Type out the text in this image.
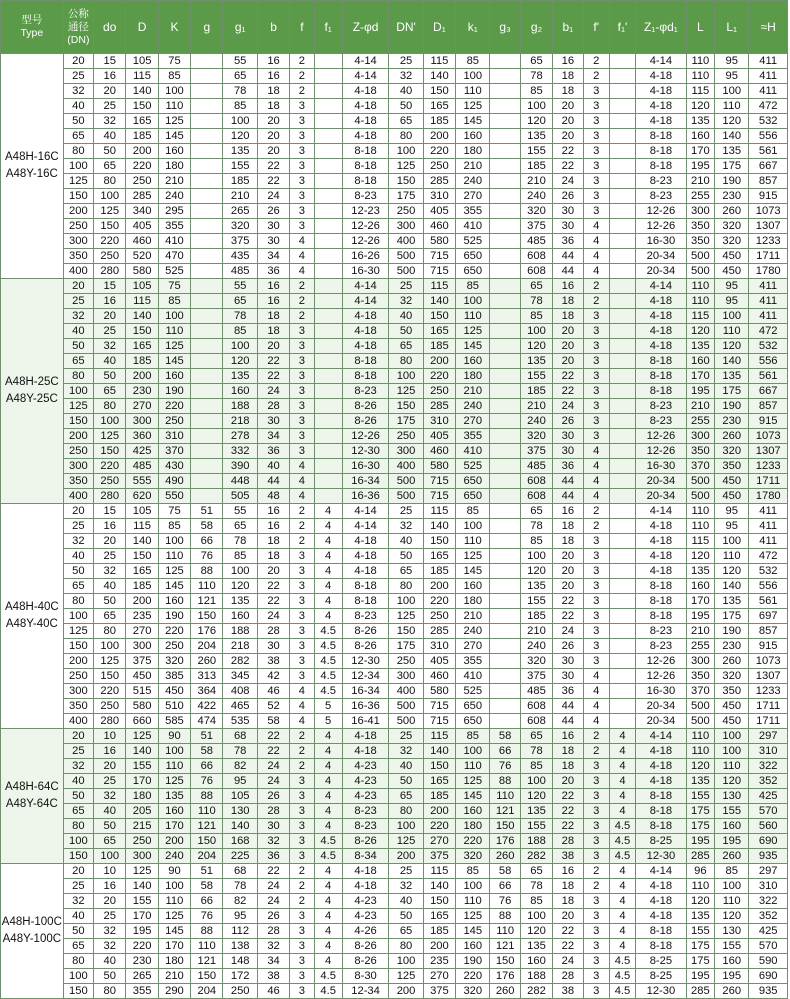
型号
Type	公称
通径
(DN)	do	D	K	g	g₁	b	f	f₁	Z-φd	DN'	D₁	k₁	g₃	g₂	b₁	f'	f₁'	Z₁-φd₁	L	L₁	≈H

A48H-16C
A48Y-16C	20	15	105	75		55	16	2		4-14	25	115	85		65	16	2		4-14	110	95	411
	25	16	115	85		65	16	2		4-14	32	140	100		78	18	2		4-18	110	95	411
	32	20	140	100		78	18	2		4-18	40	150	110		85	18	3		4-18	115	100	411
	40	25	150	110		85	18	3		4-18	50	165	125		100	20	3		4-18	120	110	472
	50	32	165	125		100	20	3		4-18	65	185	145		120	20	3		4-18	135	120	532
	65	40	185	145		120	20	3		4-18	80	200	160		135	20	3		8-18	160	140	556
	80	50	200	160		135	20	3		8-18	100	220	180		155	22	3		8-18	170	135	561
	100	65	220	180		155	22	3		8-18	125	250	210		185	22	3		8-18	195	175	667
	125	80	250	210		185	22	3		8-18	150	285	240		210	24	3		8-23	210	190	857
	150	100	285	240		210	24	3		8-23	175	310	270		240	26	3		8-23	255	230	915
	200	125	340	295		265	26	3		12-23	250	405	355		320	30	3		12-26	300	260	1073
	250	150	405	355		320	30	3		12-26	300	460	410		375	30	4		12-26	350	320	1307
	300	220	460	410		375	30	4		12-26	400	580	525		485	36	4		16-30	350	320	1233
	350	250	520	470		435	34	4		16-26	500	715	650		608	44	4		20-34	500	450	1711
	400	280	580	525		485	36	4		16-30	500	715	650		608	44	4		20-34	500	450	1780

A48H-25C
A48Y-25C	20	15	105	75		55	16	2		4-14	25	115	85		65	16	2		4-14	110	95	411
	25	16	115	85		65	16	2		4-14	32	140	100		78	18	2		4-18	110	95	411
	32	20	140	100		78	18	2		4-18	40	150	110		85	18	3		4-18	115	100	411
	40	25	150	110		85	18	3		4-18	50	165	125		100	20	3		4-18	120	110	472
	50	32	165	125		100	20	3		4-18	65	185	145		120	20	3		4-18	135	120	532
	65	40	185	145		120	22	3		8-18	80	200	160		135	20	3		8-18	160	140	556
	80	50	200	160		135	22	3		8-18	100	220	180		155	22	3		8-18	170	135	561
	100	65	230	190		160	24	3		8-23	125	250	210		185	22	3		8-18	195	175	667
	125	80	270	220		188	28	3		8-26	150	285	240		210	24	3		8-23	210	190	857
	150	100	300	250		218	30	3		8-26	175	310	270		240	26	3		8-23	255	230	915
	200	125	360	310		278	34	3		12-26	250	405	355		320	30	3		12-26	300	260	1073
	250	150	425	370		332	36	3		12-30	300	460	410		375	30	4		12-26	350	320	1307
	300	220	485	430		390	40	4		16-30	400	580	525		485	36	4		16-30	370	350	1233
	350	250	555	490		448	44	4		16-34	500	715	650		608	44	4		20-34	500	450	1711
	400	280	620	550		505	48	4		16-36	500	715	650		608	44	4		20-34	500	450	1780

A48H-40C
A48Y-40C	20	15	105	75	51	55	16	2	4	4-14	25	115	85		65	16	2		4-14	110	95	411
	25	16	115	85	58	65	16	2	4	4-14	32	140	100		78	18	2		4-18	110	95	411
	32	20	140	100	66	78	18	2	4	4-18	40	150	110		85	18	3		4-18	115	100	411
	40	25	150	110	76	85	18	3	4	4-18	50	165	125		100	20	3		4-18	120	110	472
	50	32	165	125	88	100	20	3	4	4-18	65	185	145		120	20	3		4-18	135	120	532
	65	40	185	145	110	120	22	3	4	8-18	80	200	160		135	20	3		8-18	160	140	556
	80	50	200	160	121	135	22	3	4	8-18	100	220	180		155	22	3		8-18	170	135	561
	100	65	235	190	150	160	24	3	4	8-23	125	250	210		185	22	3		8-18	195	175	697
	125	80	270	220	176	188	28	3	4.5	8-26	150	285	240		210	24	3		8-23	210	190	857
	150	100	300	250	204	218	30	3	4.5	8-26	175	310	270		240	26	3		8-23	255	230	915
	200	125	375	320	260	282	38	3	4.5	12-30	250	405	355		320	30	3		12-26	300	260	1073
	250	150	450	385	313	345	42	3	4.5	12-34	300	460	410		375	30	4		12-26	350	320	1307
	300	220	515	450	364	408	46	4	4.5	16-34	400	580	525		485	36	4		16-30	370	350	1233
	350	250	580	510	422	465	52	4	5	16-36	500	715	650		608	44	4		20-34	500	450	1711
	400	280	660	585	474	535	58	4	5	16-41	500	715	650		608	44	4		20-34	500	450	1711

A48H-64C
A48Y-64C	20	10	125	90	51	68	22	2	4	4-18	25	115	85	58	65	16	2	4	4-14	110	100	297
	25	16	140	100	58	78	22	2	4	4-18	32	140	100	66	78	18	2	4	4-18	110	100	310
	32	20	155	110	66	82	24	2	4	4-23	40	150	110	76	85	18	3	4	4-18	120	110	322
	40	25	170	125	76	95	24	3	4	4-23	50	165	125	88	100	20	3	4	4-18	135	120	352
	50	32	180	135	88	105	26	3	4	4-23	65	185	145	110	120	22	3	4	8-18	155	130	425
	65	40	205	160	110	130	28	3	4	8-23	80	200	160	121	135	22	3	4	8-18	175	155	570
	80	50	215	170	121	140	30	3	4	8-23	100	220	180	150	155	22	3	4.5	8-18	175	160	560
	100	65	250	200	150	168	32	3	4.5	8-26	125	270	220	176	188	28	3	4.5	8-25	195	195	690
	150	100	300	240	204	225	36	3	4.5	8-34	200	375	320	260	282	38	3	4.5	12-30	285	260	935

A48H-100C
A48Y-100C	20	10	125	90	51	68	22	2	4	4-18	25	115	85	58	65	16	2	4	4-14	96	85	297
	25	16	140	100	58	78	24	2	4	4-18	32	140	100	66	78	18	2	4	4-18	110	100	310
	32	20	155	110	66	82	24	2	4	4-23	40	150	110	76	85	18	3	4	4-18	120	110	322
	40	25	170	125	76	95	26	3	4	4-23	50	165	125	88	100	20	3	4	4-18	135	120	352
	50	32	195	145	88	112	28	3	4	4-26	65	185	145	110	120	22	3	4	8-18	155	130	425
	65	32	220	170	110	138	32	3	4	8-26	80	200	160	121	135	22	3	4	8-18	175	155	570
	80	40	230	180	121	148	34	3	4	8-26	100	235	190	150	160	24	3	4.5	8-25	175	160	590
	100	50	265	210	150	172	38	3	4.5	8-30	125	270	220	176	188	28	3	4.5	8-25	195	195	690
	150	80	355	290	204	250	46	3	4.5	12-34	200	375	320	260	282	38	3	4.5	12-30	285	260	935
